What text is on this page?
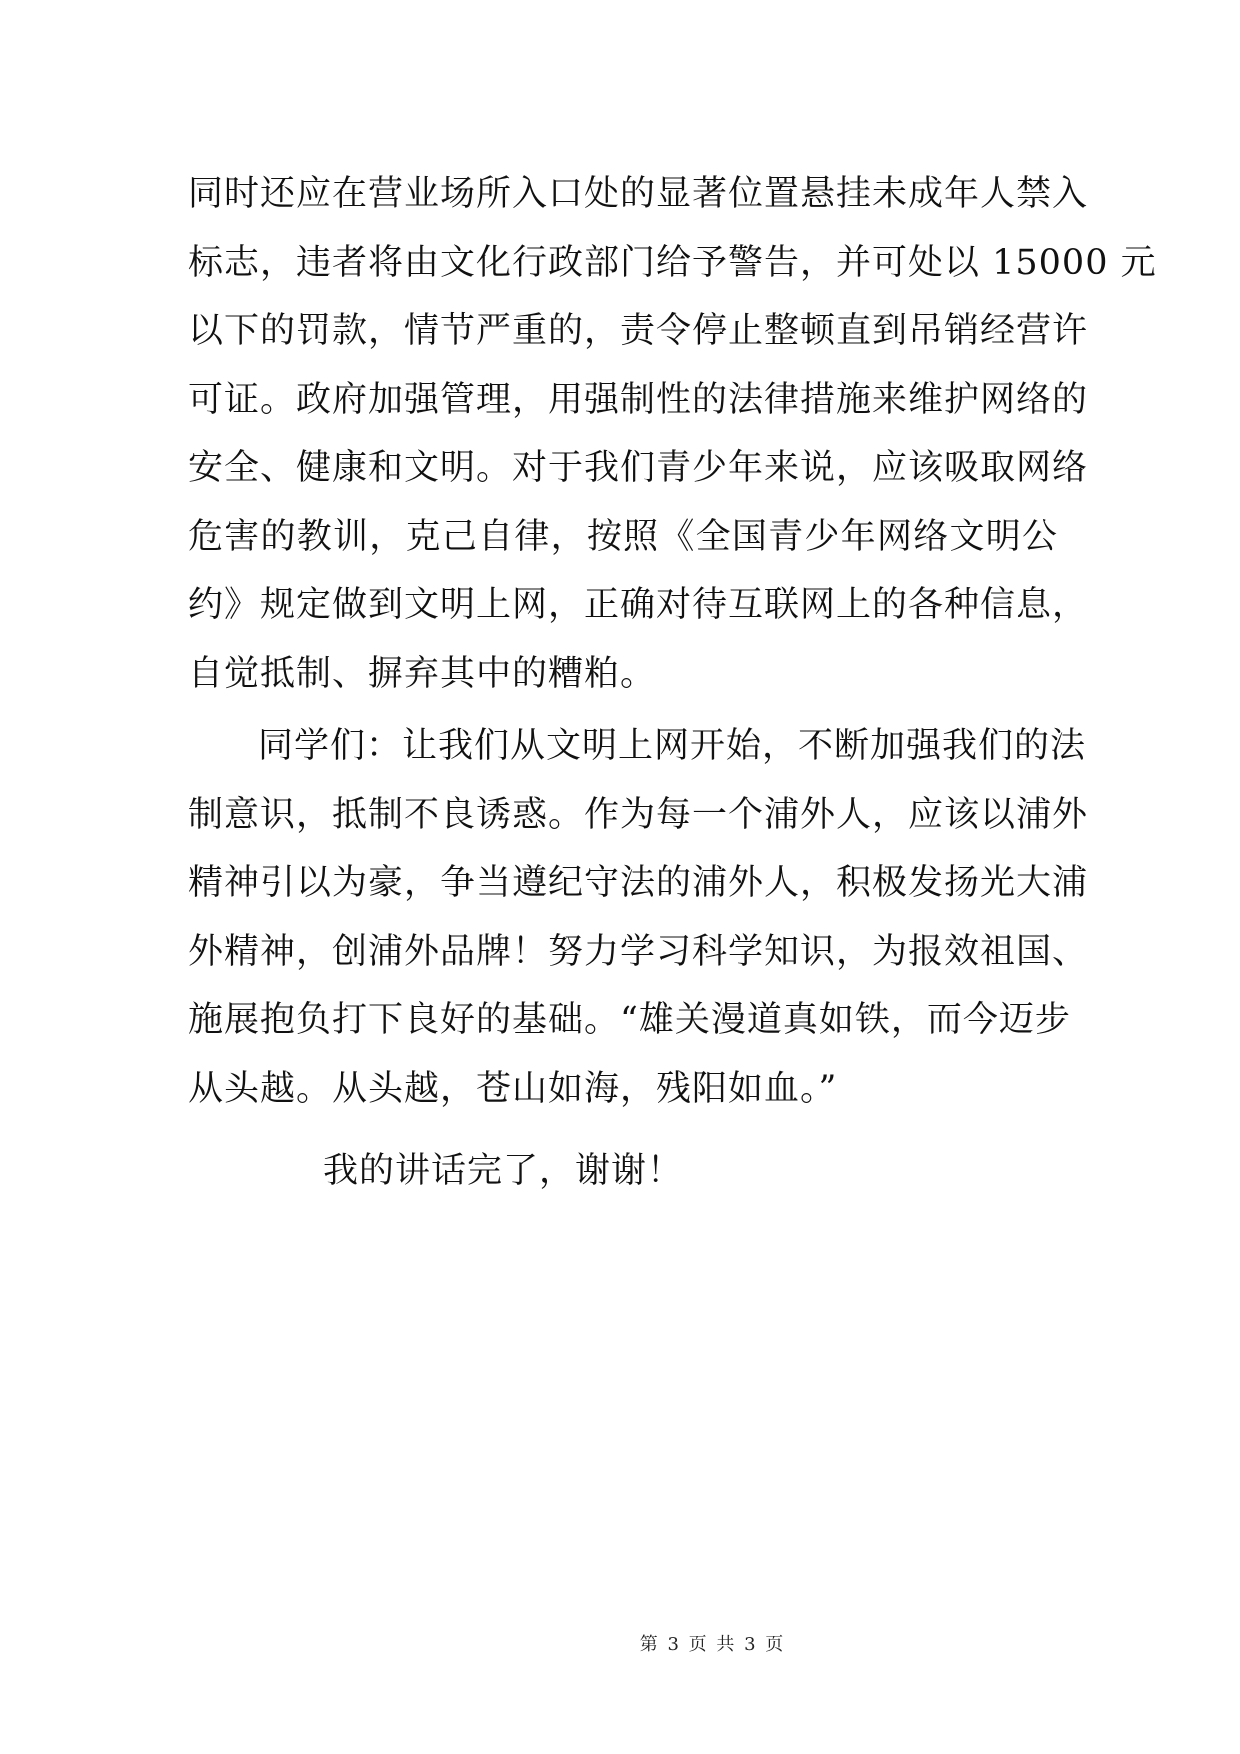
同时还应在营业场所入口处的显著位置悬挂未成年人禁入
标志，违者将由文化行政部门给予警告，并可处以 15000 元
以下的罚款，情节严重的，责令停止整顿直到吊销经营许
可证。政府加强管理，用强制性的法律措施来维护网络的
安全、健康和文明。对于我们青少年来说，应该吸取网络
危害的教训，克己自律，按照《全国青少年网络文明公
约》规定做到文明上网，正确对待互联网上的各种信息，
自觉抵制、摒弃其中的糟粕。
同学们：让我们从文明上网开始，不断加强我们的法
制意识，抵制不良诱惑。作为每一个浦外人，应该以浦外
精神引以为豪，争当遵纪守法的浦外人，积极发扬光大浦
外精神，创浦外品牌！努力学习科学知识，为报效祖国、
施展抱负打下良好的基础。“雄关漫道真如铁，而今迈步
从头越。从头越，苍山如海，残阳如血。”
我的讲话完了，谢谢！
第 3 页 共 3 页
